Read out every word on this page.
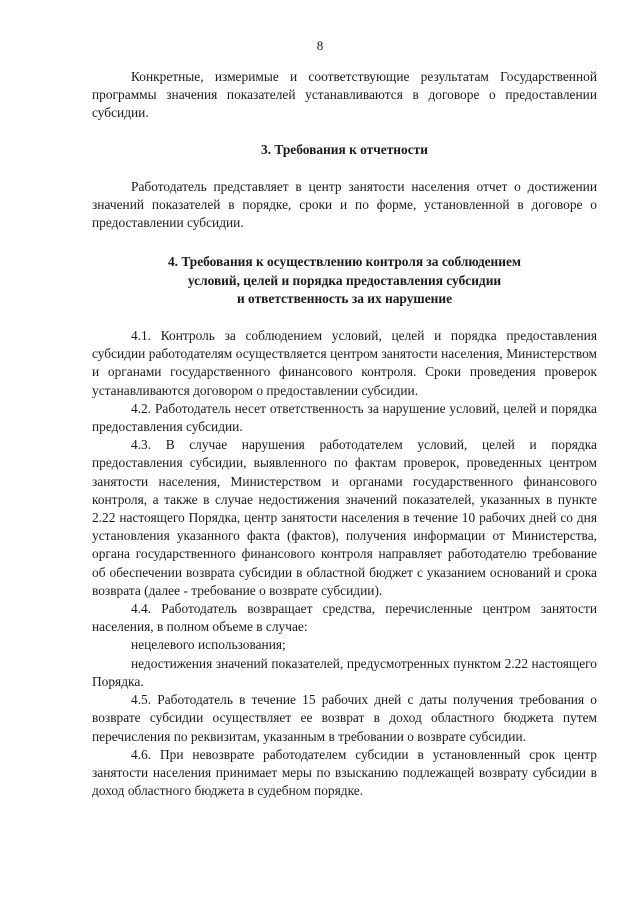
8

Конкретные, измеримые и соответствующие результатам Государственной программы значения показателей устанавливаются в договоре о предоставлении субсидии.

3. Требования к отчетности

Работодатель представляет в центр занятости населения отчет о достижении значений показателей в порядке, сроки и по форме, установленной в договоре о предоставлении субсидии.

4. Требования к осуществлению контроля за соблюдением
условий, целей и порядка предоставления субсидии
и ответственность за их нарушение

4.1. Контроль за соблюдением условий, целей и порядка предоставления субсидии работодателям осуществляется центром занятости населения, Министерством и органами государственного финансового контроля. Сроки проведения проверок устанавливаются договором о предоставлении субсидии.

4.2. Работодатель несет ответственность за нарушение условий, целей и порядка предоставления субсидии.

4.3. В случае нарушения работодателем условий, целей и порядка предоставления субсидии, выявленного по фактам проверок, проведенных центром занятости населения, Министерством и органами государственного финансового контроля, а также в случае недостижения значений показателей, указанных в пункте 2.22 настоящего Порядка, центр занятости населения в течение 10 рабочих дней со дня установления указанного факта (фактов), получения информации от Министерства, органа государственного финансового контроля направляет работодателю требование об обеспечении возврата субсидии в областной бюджет с указанием оснований и срока возврата (далее - требование о возврате субсидии).

4.4. Работодатель возвращает средства, перечисленные центром занятости населения, в полном объеме в случае:

нецелевого использования;

недостижения значений показателей, предусмотренных пунктом 2.22 настоящего Порядка.

4.5. Работодатель в течение 15 рабочих дней с даты получения требования о возврате субсидии осуществляет ее возврат в доход областного бюджета путем перечисления по реквизитам, указанным в требовании о возврате субсидии.

4.6. При невозврате работодателем субсидии в установленный срок центр занятости населения принимает меры по взысканию подлежащей возврату субсидии в доход областного бюджета в судебном порядке.
